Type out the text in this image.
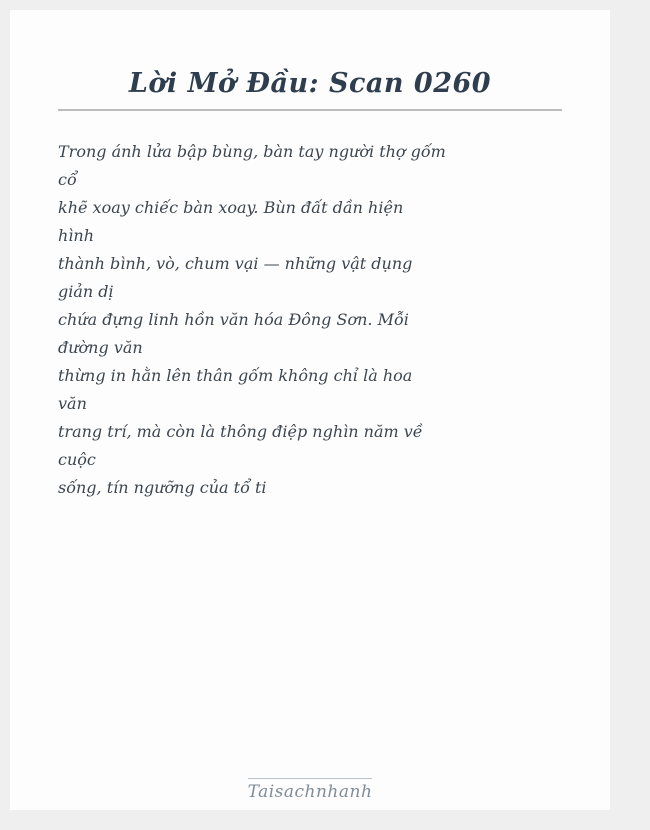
Lời Mở Đầu: Scan 0260
Trong ánh lửa bập bùng, bàn tay người thợ gốm
cổ
khẽ xoay chiếc bàn xoay. Bùn đất dần hiện
hình
thành bình, vò, chum vại — những vật dụng
giản dị
chứa đựng linh hồn văn hóa Đông Sơn. Mỗi
đường văn
thừng in hằn lên thân gốm không chỉ là hoa
văn
trang trí, mà còn là thông điệp nghìn năm về
cuộc
sống, tín ngưỡng của tổ ti
Taisachnhanh
